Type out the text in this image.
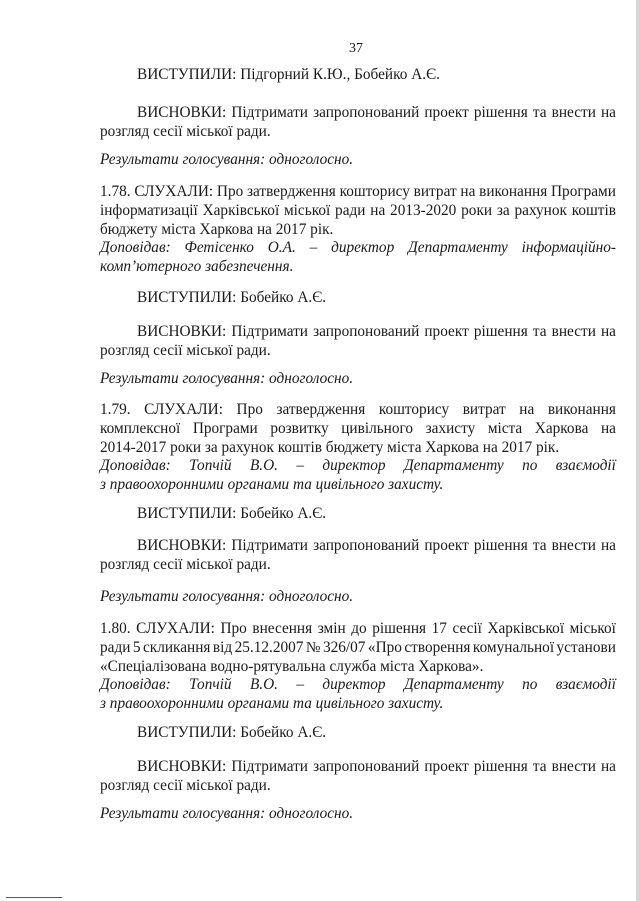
37
ВИСТУПИЛИ: Підгорний К.Ю., Бобейко А.Є.
ВИСНОВКИ: Підтримати запропонований проект рішення та внести на
розгляд сесії міської ради.
Результати голосування: одноголосно.
1.78. СЛУХАЛИ: Про затвердження кошторису витрат на виконання Програми
інформатизації Харківської міської ради на 2013-2020 роки за рахунок коштів
бюджету міста Харкова на 2017 рік.
Доповідав: Фетісенко О.А. – директор Департаменту інформаційно-
комп’ютерного забезпечення.
ВИСТУПИЛИ: Бобейко А.Є.
ВИСНОВКИ: Підтримати запропонований проект рішення та внести на
розгляд сесії міської ради.
Результати голосування: одноголосно.
1.79. СЛУХАЛИ: Про затвердження кошторису витрат на виконання
комплексної Програми розвитку цивільного захисту міста Харкова на
2014-2017 роки за рахунок коштів бюджету міста Харкова на 2017 рік.
Доповідав: Топчій В.О. – директор Департаменту по взаємодії
з правоохоронними органами та цивільного захисту.
ВИСТУПИЛИ: Бобейко А.Є.
ВИСНОВКИ: Підтримати запропонований проект рішення та внести на
розгляд сесії міської ради.
Результати голосування: одноголосно.
1.80. СЛУХАЛИ: Про внесення змін до рішення 17 сесії Харківської міської
ради 5 скликання від 25.12.2007 № 326/07 «Про створення комунальної установи
«Спеціалізована водно-рятувальна служба міста Харкова».
Доповідав: Топчій В.О. – директор Департаменту по взаємодії
з правоохоронними органами та цивільного захисту.
ВИСТУПИЛИ: Бобейко А.Є.
ВИСНОВКИ: Підтримати запропонований проект рішення та внести на
розгляд сесії міської ради.
Результати голосування: одноголосно.
